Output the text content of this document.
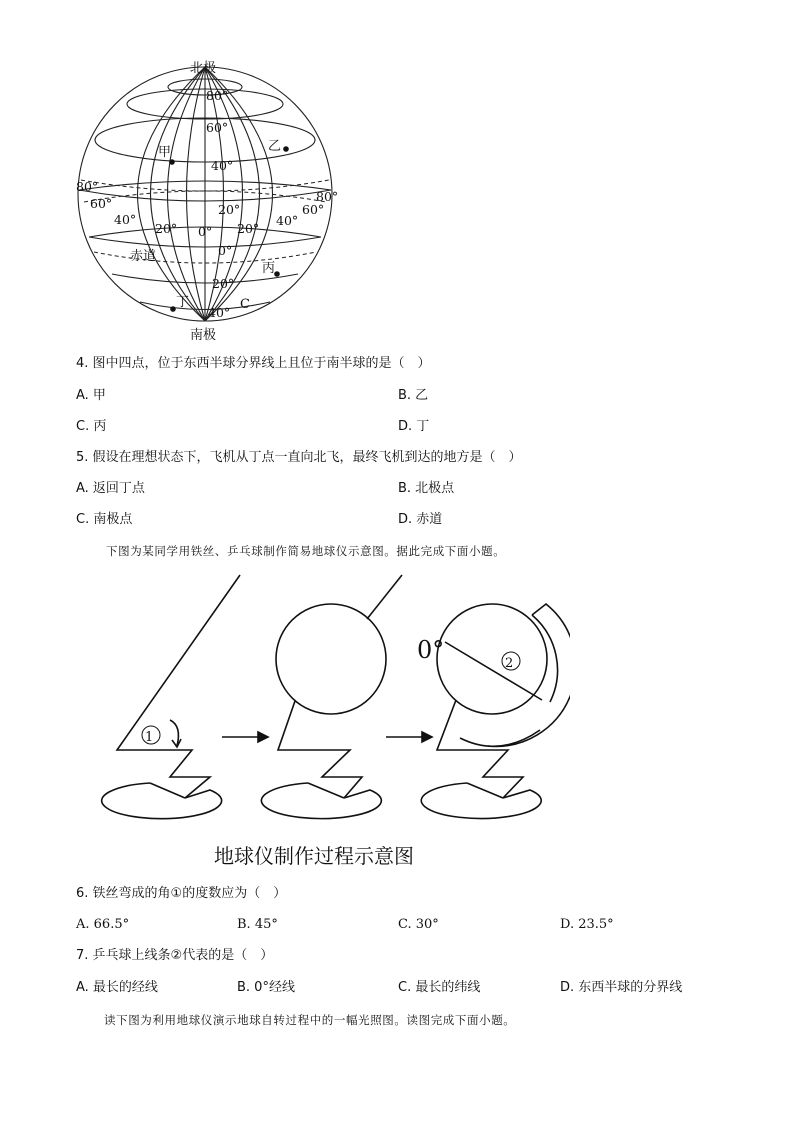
北极
南极
赤道
甲	乙
丙
丁	C
80°
60°
40°
20°
0°
20°
40°
80°
60°
40°
20° 0° 20°
40°
60°
80°
4. 图中四点，位于东西半球分界线上且位于南半球的是（　）
A. 甲	B. 乙
C. 丙	D. 丁
5. 假设在理想状态下，飞机从丁点一直向北飞，最终飞机到达的地方是（　）
A. 返回丁点	B. 北极点
C. 南极点	D. 赤道
下图为某同学用铁丝、乒乓球制作简易地球仪示意图。据此完成下面小题。
1
2
0°
地球仪制作过程示意图
6. 铁丝弯成的角①的度数应为（　）
A. 66.5°	B. 45°	C. 30°	D. 23.5°
7. 乒乓球上线条②代表的是（　）
A. 最长的经线	B. 0°经线	C. 最长的纬线	D. 东西半球的分界线
读下图为利用地球仪演示地球自转过程中的一幅光照图。读图完成下面小题。
